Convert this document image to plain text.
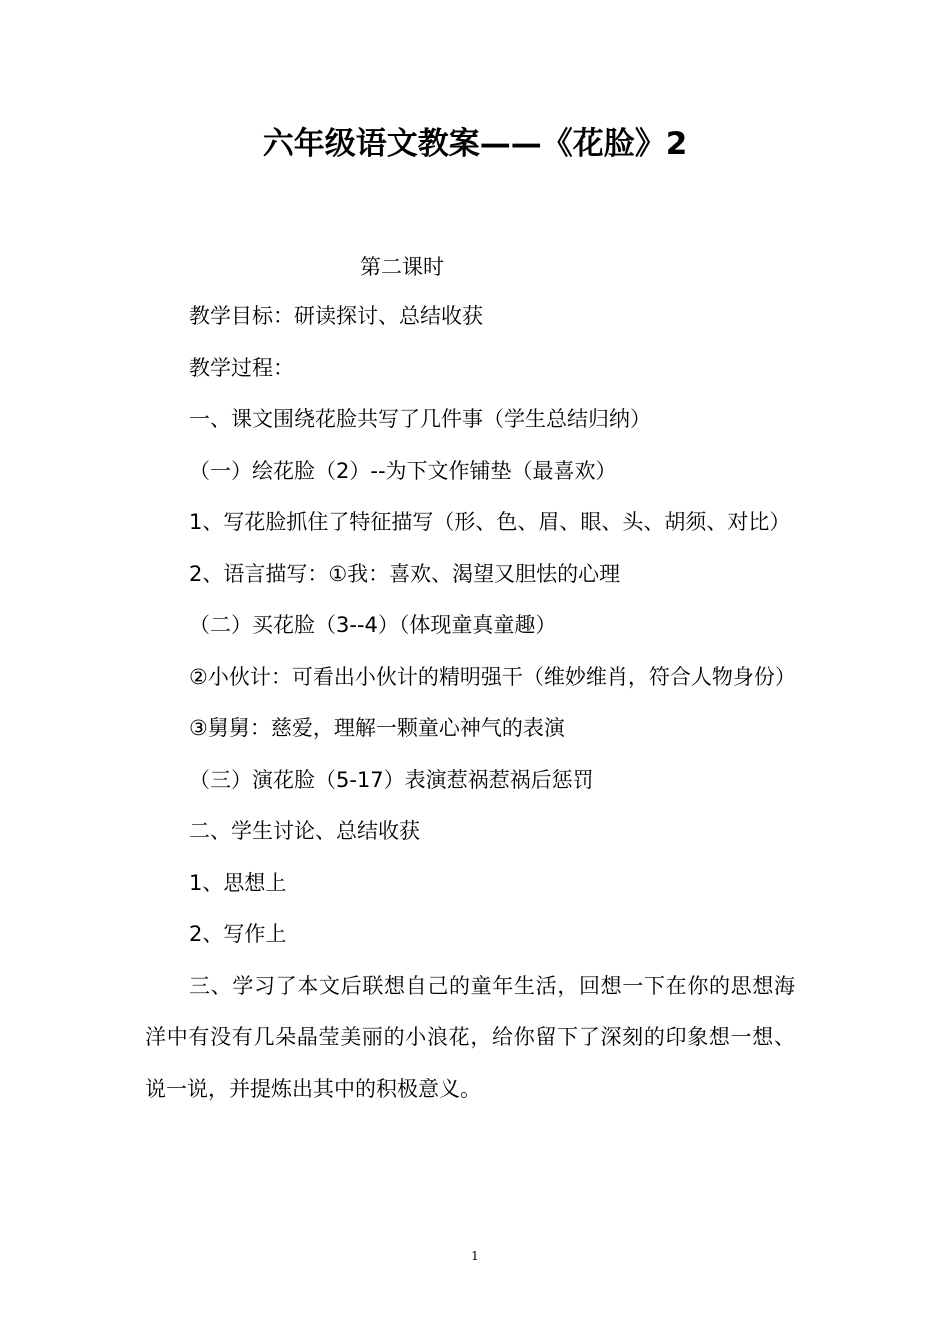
六年级语文教案——《花脸》2
第二课时

教学目标：研读探讨、总结收获

教学过程：

一、课文围绕花脸共写了几件事（学生总结归纳）

（一）绘花脸（2）--为下文作铺垫（最喜欢）

1、写花脸抓住了特征描写（形、色、眉、眼、头、胡须、对比）

2、语言描写：①我：喜欢、渴望又胆怯的心理

（二）买花脸（3--4）（体现童真童趣）

②小伙计：可看出小伙计的精明强干（维妙维肖，符合人物身份）

③舅舅：慈爱，理解一颗童心神气的表演

（三）演花脸（5-17）表演惹祸惹祸后惩罚

二、学生讨论、总结收获

1、思想上

2、写作上

三、学习了本文后联想自己的童年生活，回想一下在你的思想海洋中有没有几朵晶莹美丽的小浪花，给你留下了深刻的印象想一想、说一说，并提炼出其中的积极意义。

1
